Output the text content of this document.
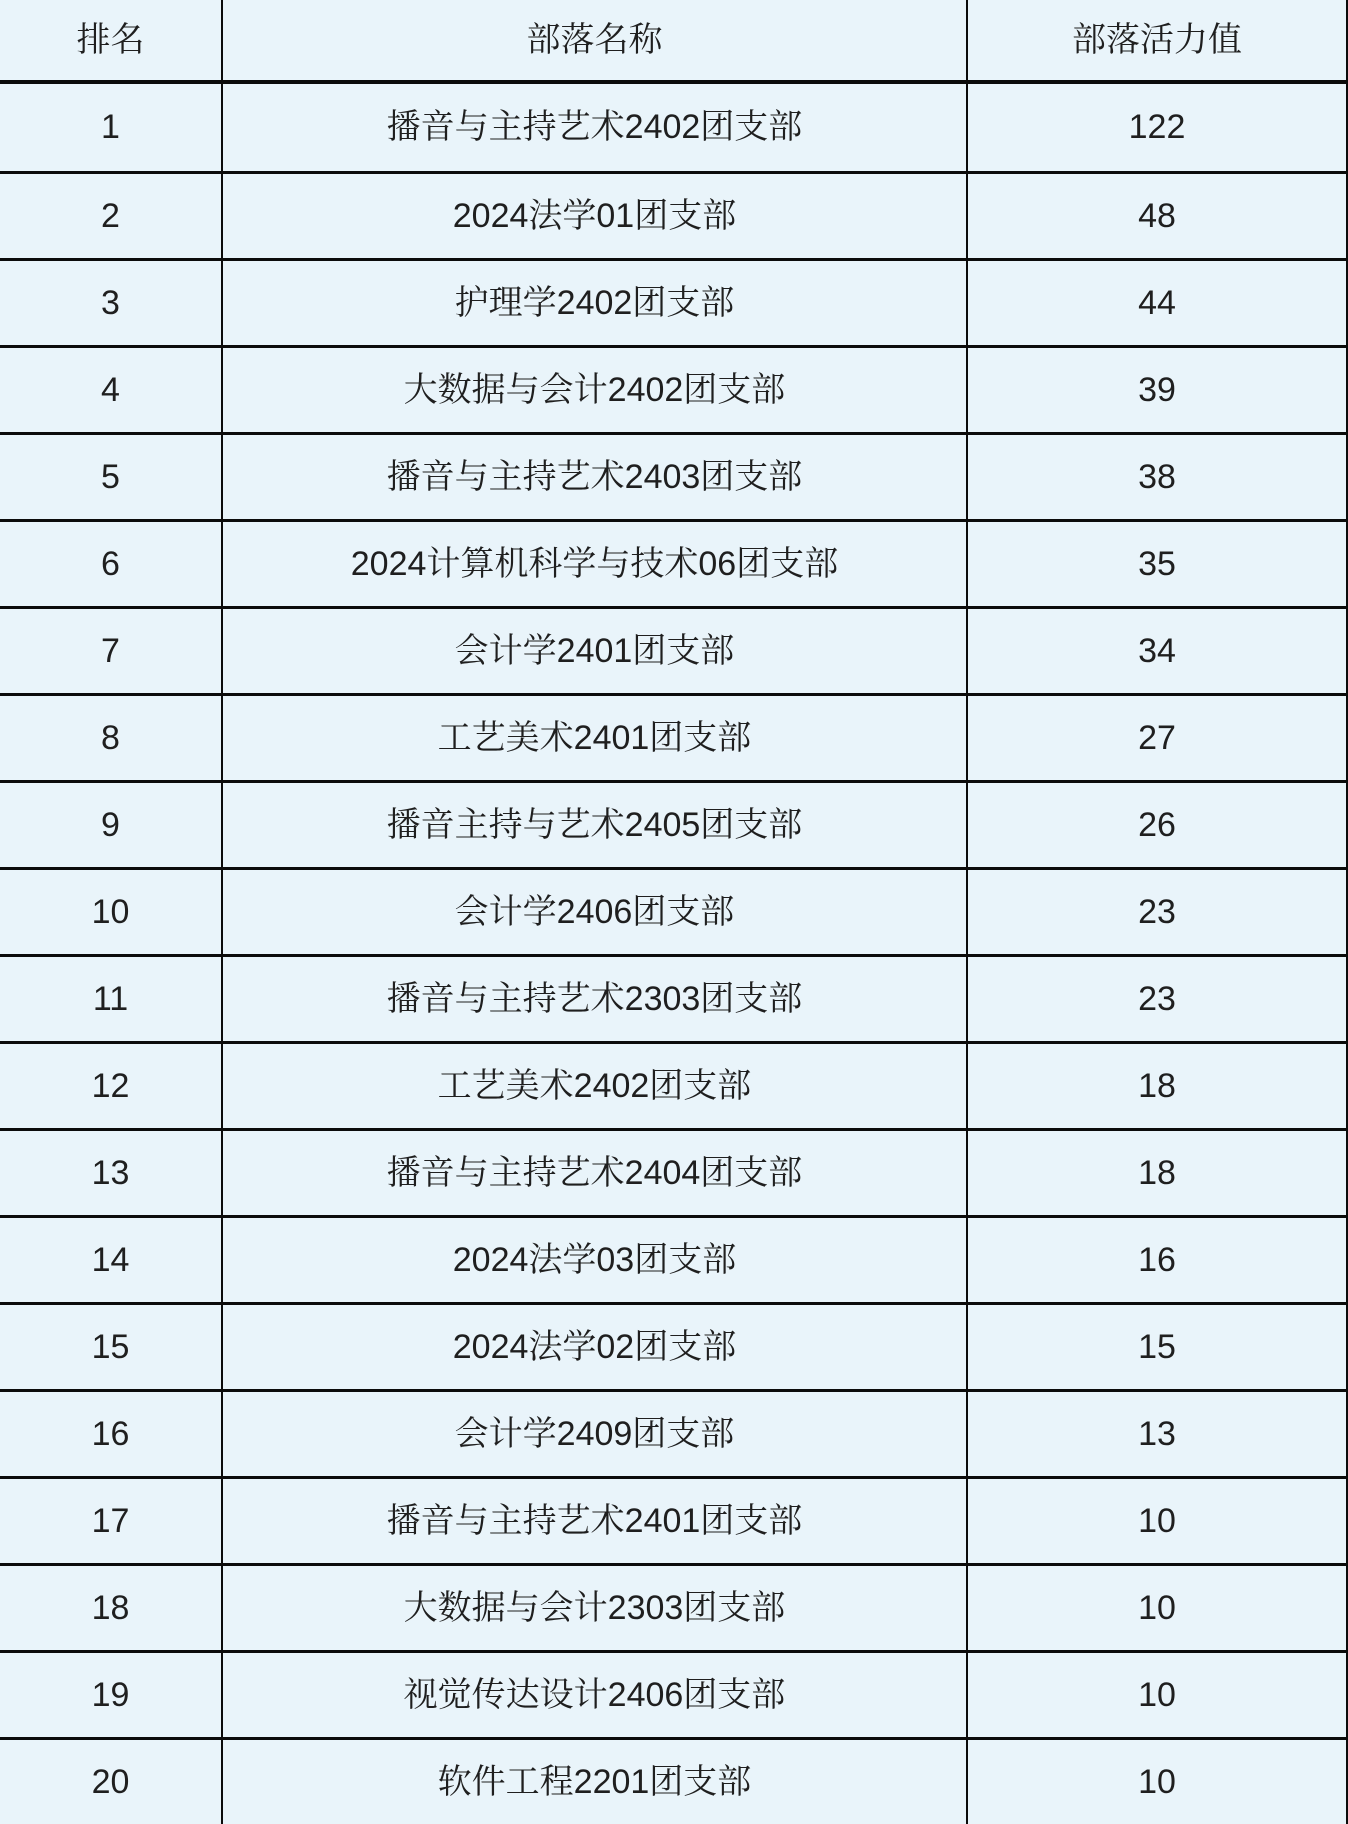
排名	部落名称	部落活力值
1	播音与主持艺术2402团支部	122
2	2024法学01团支部	48
3	护理学2402团支部	44
4	大数据与会计2402团支部	39
5	播音与主持艺术2403团支部	38
6	2024计算机科学与技术06团支部	35
7	会计学2401团支部	34
8	工艺美术2401团支部	27
9	播音主持与艺术2405团支部	26
10	会计学2406团支部	23
11	播音与主持艺术2303团支部	23
12	工艺美术2402团支部	18
13	播音与主持艺术2404团支部	18
14	2024法学03团支部	16
15	2024法学02团支部	15
16	会计学2409团支部	13
17	播音与主持艺术2401团支部	10
18	大数据与会计2303团支部	10
19	视觉传达设计2406团支部	10
20	软件工程2201团支部	10
